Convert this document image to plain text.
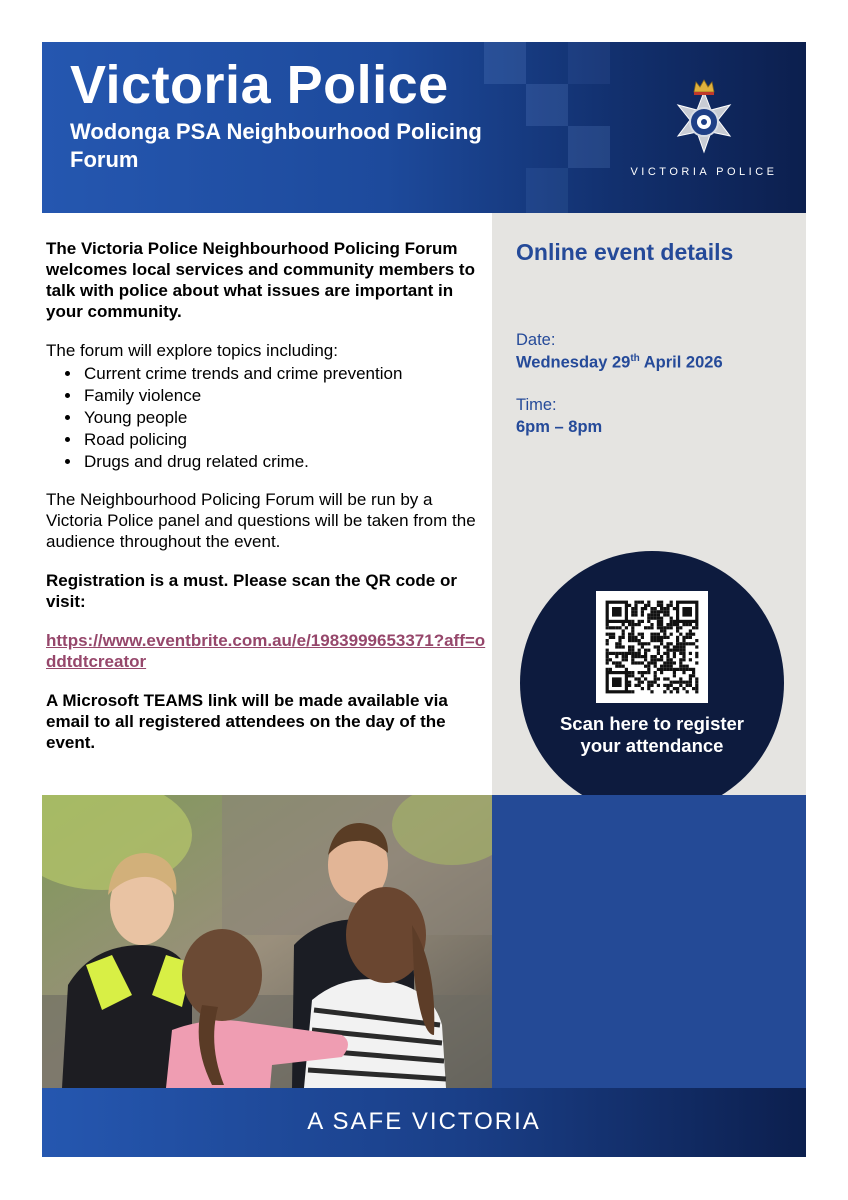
Victoria Police
Wodonga PSA Neighbourhood Policing Forum	VICTORIA POLICE

The Victoria Police Neighbourhood Policing Forum welcomes local services and community members to talk with police about what issues are important in your community.

The forum will explore topics including:

• Current crime trends and crime prevention
• Family violence
• Young people
• Road policing
• Drugs and drug related crime.

The Neighbourhood Policing Forum will be run by a Victoria Police panel and questions will be taken from the audience throughout the event.

Registration is a must. Please scan the QR code or visit:

https://www.eventbrite.com.au/e/1983999653371?aff=oddtdtcreator

A Microsoft TEAMS link will be made available via email to all registered attendees on the day of the event.

Online event details
Date:
Wednesday 29th April 2026
Time:
6pm – 8pm

Scan here to register your attendance

A SAFE VICTORIA
